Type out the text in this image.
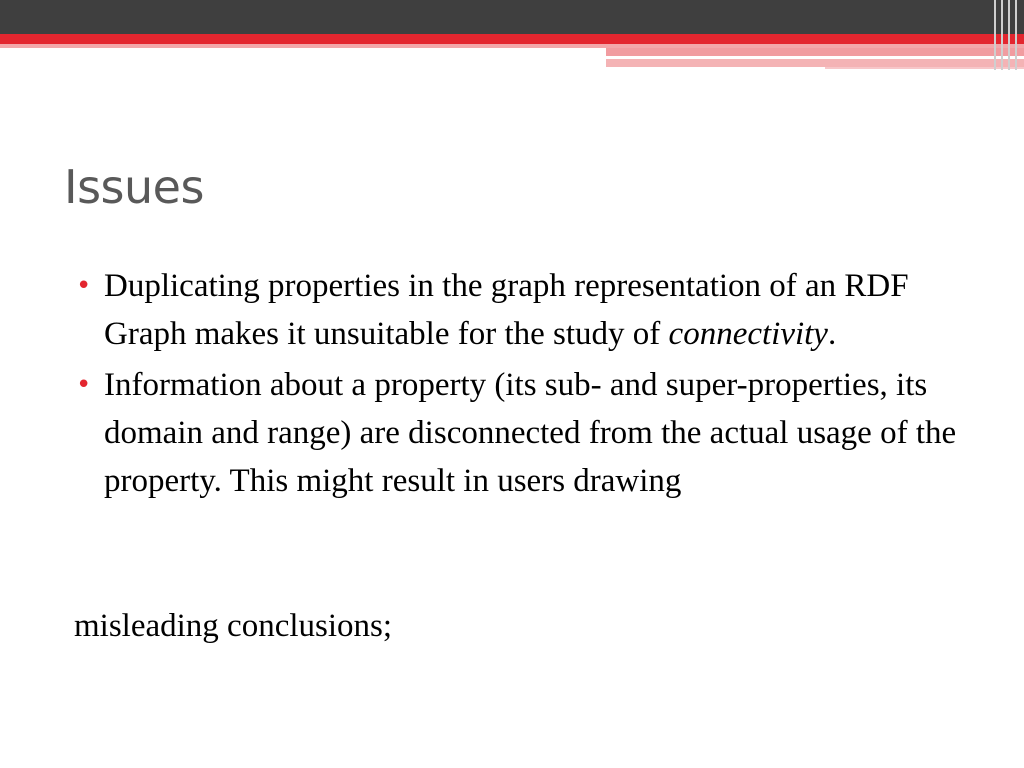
Issues
• Duplicating properties in the graph representation of an RDF Graph makes it unsuitable for the study of connectivity.
• Information about a property (its sub- and super-properties, its domain and range) are disconnected from the actual usage of the property. This might result in users drawing

misleading conclusions;
